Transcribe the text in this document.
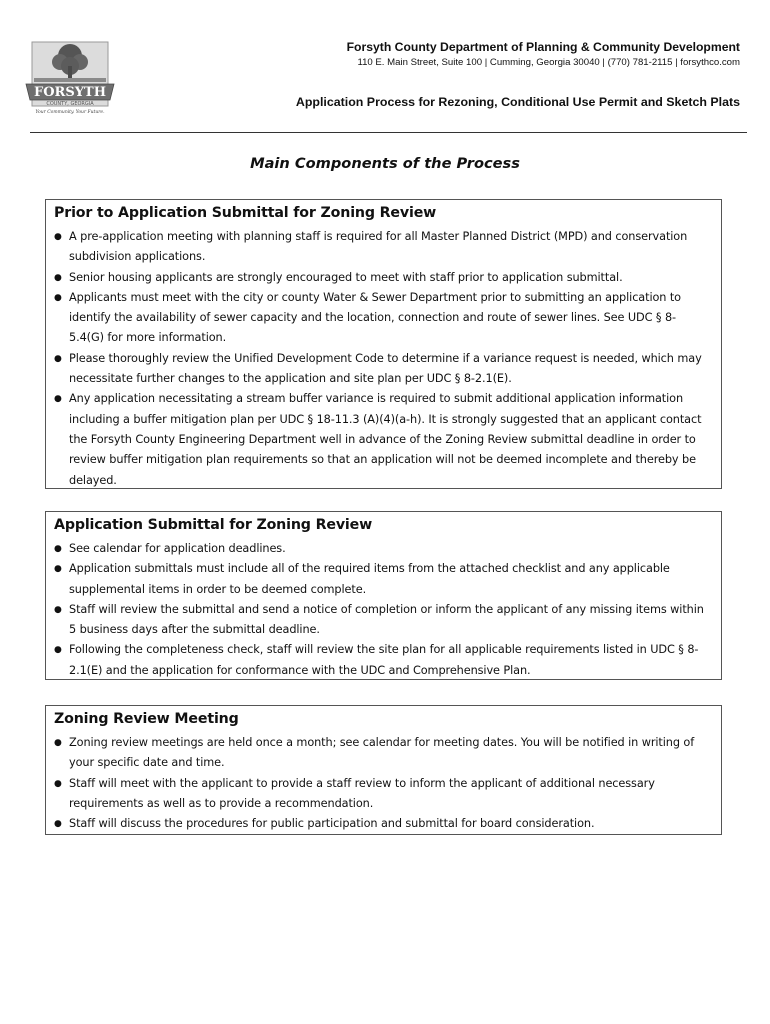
FORSYTH
COUNTY, GEORGIA
Your Community. Your Future.
Forsyth County Department of Planning & Community Development
110 E. Main Street, Suite 100 | Cumming, Georgia 30040 | (770) 781-2115 | forsythco.com
Application Process for Rezoning, Conditional Use Permit and Sketch Plats
Main Components of the Process
Prior to Application Submittal for Zoning Review
● A pre-application meeting with planning staff is required for all Master Planned District (MPD) and conservation subdivision applications.
● Senior housing applicants are strongly encouraged to meet with staff prior to application submittal.
● Applicants must meet with the city or county Water & Sewer Department prior to submitting an application to identify the availability of sewer capacity and the location, connection and route of sewer lines. See UDC § 8-5.4(G) for more information.
● Please thoroughly review the Unified Development Code to determine if a variance request is needed, which may necessitate further changes to the application and site plan per UDC § 8-2.1(E).
● Any application necessitating a stream buffer variance is required to submit additional application information including a buffer mitigation plan per UDC § 18-11.3 (A)(4)(a-h). It is strongly suggested that an applicant contact the Forsyth County Engineering Department well in advance of the Zoning Review submittal deadline in order to review buffer mitigation plan requirements so that an application will not be deemed incomplete and thereby be delayed.
Application Submittal for Zoning Review
● See calendar for application deadlines.
● Application submittals must include all of the required items from the attached checklist and any applicable supplemental items in order to be deemed complete.
● Staff will review the submittal and send a notice of completion or inform the applicant of any missing items within 5 business days after the submittal deadline.
● Following the completeness check, staff will review the site plan for all applicable requirements listed in UDC § 8-2.1(E) and the application for conformance with the UDC and Comprehensive Plan.
Zoning Review Meeting
● Zoning review meetings are held once a month; see calendar for meeting dates. You will be notified in writing of your specific date and time.
● Staff will meet with the applicant to provide a staff review to inform the applicant of additional necessary requirements as well as to provide a recommendation.
● Staff will discuss the procedures for public participation and submittal for board consideration.
